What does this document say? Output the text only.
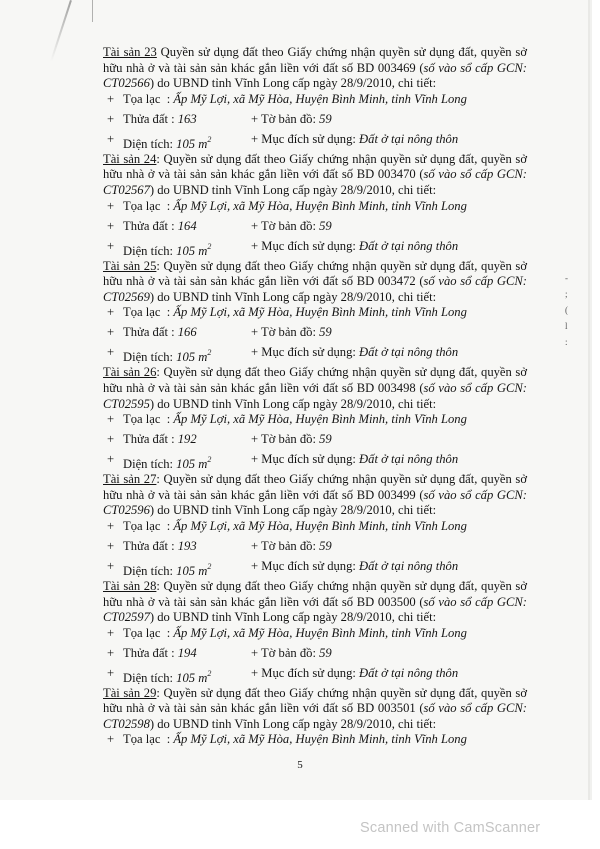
Tài sản 23 Quyền sử dụng đất theo Giấy chứng nhận quyền sử dụng đất, quyền sở hữu nhà ở và tài sản sản khác gắn liền với đất số BD 003469 (số vào sổ cấp GCN: CT02566) do UBND tỉnh Vĩnh Long cấp ngày 28/9/2010, chi tiết:

+ Tọa lạc  : Ấp Mỹ Lợi, xã Mỹ Hòa, Huyện Bình Minh, tỉnh Vĩnh Long
+ Thửa đất : 163	+ Tờ bản đồ: 59
+ Diện tích: 105 $m^2$	+ Mục đích sử dụng: Đất ở tại nông thôn

Tài sản 24: Quyền sử dụng đất theo Giấy chứng nhận quyền sử dụng đất, quyền sở hữu nhà ở và tài sản sản khác gắn liền với đất số BD 003470 (số vào sổ cấp GCN: CT02567) do UBND tỉnh Vĩnh Long cấp ngày 28/9/2010, chi tiết:

+ Tọa lạc  : Ấp Mỹ Lợi, xã Mỹ Hòa, Huyện Bình Minh, tỉnh Vĩnh Long
+ Thửa đất : 164	+ Tờ bản đồ: 59
+ Diện tích: 105 $m^2$	+ Mục đích sử dụng: Đất ở tại nông thôn

Tài sản 25: Quyền sử dụng đất theo Giấy chứng nhận quyền sử dụng đất, quyền sở hữu nhà ở và tài sản sản khác gắn liền với đất số BD 003472 (số vào sổ cấp GCN: CT02569) do UBND tỉnh Vĩnh Long cấp ngày 28/9/2010, chi tiết:

+ Tọa lạc  : Ấp Mỹ Lợi, xã Mỹ Hòa, Huyện Bình Minh, tỉnh Vĩnh Long
+ Thửa đất : 166	+ Tờ bản đồ: 59
+ Diện tích: 105 $m^2$	+ Mục đích sử dụng: Đất ở tại nông thôn

Tài sản 26: Quyền sử dụng đất theo Giấy chứng nhận quyền sử dụng đất, quyền sở hữu nhà ở và tài sản sản khác gắn liền với đất số BD 003498 (số vào sổ cấp GCN: CT02595) do UBND tỉnh Vĩnh Long cấp ngày 28/9/2010, chi tiết:

+ Tọa lạc  : Ấp Mỹ Lợi, xã Mỹ Hòa, Huyện Bình Minh, tỉnh Vĩnh Long
+ Thửa đất : 192	+ Tờ bản đồ: 59
+ Diện tích: 105 $m^2$	+ Mục đích sử dụng: Đất ở tại nông thôn

Tài sản 27: Quyền sử dụng đất theo Giấy chứng nhận quyền sử dụng đất, quyền sở hữu nhà ở và tài sản sản khác gắn liền với đất số BD 003499 (số vào sổ cấp GCN: CT02596) do UBND tỉnh Vĩnh Long cấp ngày 28/9/2010, chi tiết:

+ Tọa lạc  : Ấp Mỹ Lợi, xã Mỹ Hòa, Huyện Bình Minh, tỉnh Vĩnh Long
+ Thửa đất : 193	+ Tờ bản đồ: 59
+ Diện tích: 105 $m^2$	+ Mục đích sử dụng: Đất ở tại nông thôn

Tài sản 28: Quyền sử dụng đất theo Giấy chứng nhận quyền sử dụng đất, quyền sở hữu nhà ở và tài sản sản khác gắn liền với đất số BD 003500 (số vào sổ cấp GCN: CT02597) do UBND tỉnh Vĩnh Long cấp ngày 28/9/2010, chi tiết:

+ Tọa lạc  : Ấp Mỹ Lợi, xã Mỹ Hòa, Huyện Bình Minh, tỉnh Vĩnh Long
+ Thửa đất : 194	+ Tờ bản đồ: 59
+ Diện tích: 105 $m^2$	+ Mục đích sử dụng: Đất ở tại nông thôn

Tài sản 29: Quyền sử dụng đất theo Giấy chứng nhận quyền sử dụng đất, quyền sở hữu nhà ở và tài sản sản khác gắn liền với đất số BD 003501 (số vào sổ cấp GCN: CT02598) do UBND tỉnh Vĩnh Long cấp ngày 28/9/2010, chi tiết:

+ Tọa lạc  : Ấp Mỹ Lợi, xã Mỹ Hòa, Huyện Bình Minh, tỉnh Vĩnh Long
-
;
(
l
:
5
Scanned with CamScanner
